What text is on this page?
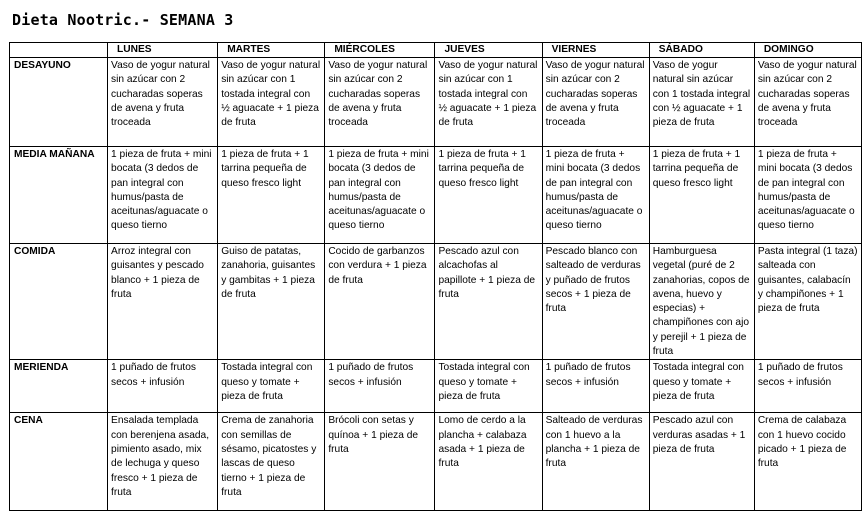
Dieta Nootric.- SEMANA 3
	LUNES	MARTES	MIÉRCOLES	JUEVES	VIERNES	SÁBADO	DOMINGO
DESAYUNO	Vaso de yogur natural sin azúcar con 2 cucharadas soperas de avena y fruta troceada	Vaso de yogur natural sin azúcar con 1 tostada integral con ½ aguacate + 1 pieza de fruta	Vaso de yogur natural sin azúcar con 2 cucharadas soperas de avena y fruta troceada	Vaso de yogur natural sin azúcar con 1 tostada integral con ½ aguacate + 1 pieza de fruta	Vaso de yogur natural sin azúcar con 2 cucharadas soperas de avena y fruta troceada	Vaso de yogur natural sin azúcar con 1 tostada integral con ½ aguacate + 1 pieza de fruta	Vaso de yogur natural sin azúcar con 2 cucharadas soperas de avena y fruta troceada
MEDIA MAÑANA	1 pieza de fruta + mini bocata (3 dedos de pan integral con humus/pasta de aceitunas/aguacate o queso tierno	1 pieza de fruta + 1 tarrina pequeña de queso fresco light	1 pieza de fruta + mini bocata (3 dedos de pan integral con humus/pasta de aceitunas/aguacate o queso tierno	1 pieza de fruta + 1 tarrina pequeña de queso fresco light	1 pieza de fruta + mini bocata (3 dedos de pan integral con humus/pasta de aceitunas/aguacate o queso tierno	1 pieza de fruta + 1 tarrina pequeña de queso fresco light	1 pieza de fruta + mini bocata (3 dedos de pan integral con humus/pasta de aceitunas/aguacate o queso tierno
COMIDA	Arroz integral con guisantes y pescado blanco + 1 pieza de fruta	Guiso de patatas, zanahoria, guisantes y gambitas + 1 pieza de fruta	Cocido de garbanzos con verdura + 1 pieza de fruta	Pescado azul con alcachofas al papillote + 1 pieza de fruta	Pescado blanco con salteado de verduras y puñado de frutos secos + 1 pieza de fruta	Hamburguesa vegetal (puré de 2 zanahorias, copos de avena, huevo y especias) + champiñones con ajo y perejil + 1 pieza de fruta	Pasta integral (1 taza) salteada con guisantes, calabacín y champiñones + 1 pieza de fruta
MERIENDA	1 puñado de frutos secos + infusión	Tostada integral con queso y tomate + pieza de fruta	1 puñado de frutos secos + infusión	Tostada integral con queso y tomate + pieza de fruta	1 puñado de frutos secos + infusión	Tostada integral con queso y tomate + pieza de fruta	1 puñado de frutos secos + infusión
CENA	Ensalada templada con berenjena asada, pimiento asado, mix de lechuga y queso fresco + 1 pieza de fruta	Crema de zanahoria con semillas de sésamo, picatostes y lascas de queso tierno + 1 pieza de fruta	Brócoli con setas y quínoa + 1 pieza de fruta	Lomo de cerdo a la plancha + calabaza asada + 1 pieza de fruta	Salteado de verduras con 1 huevo a la plancha + 1 pieza de fruta	Pescado azul con verduras asadas + 1 pieza de fruta	Crema de calabaza con 1 huevo cocido picado + 1 pieza de fruta
